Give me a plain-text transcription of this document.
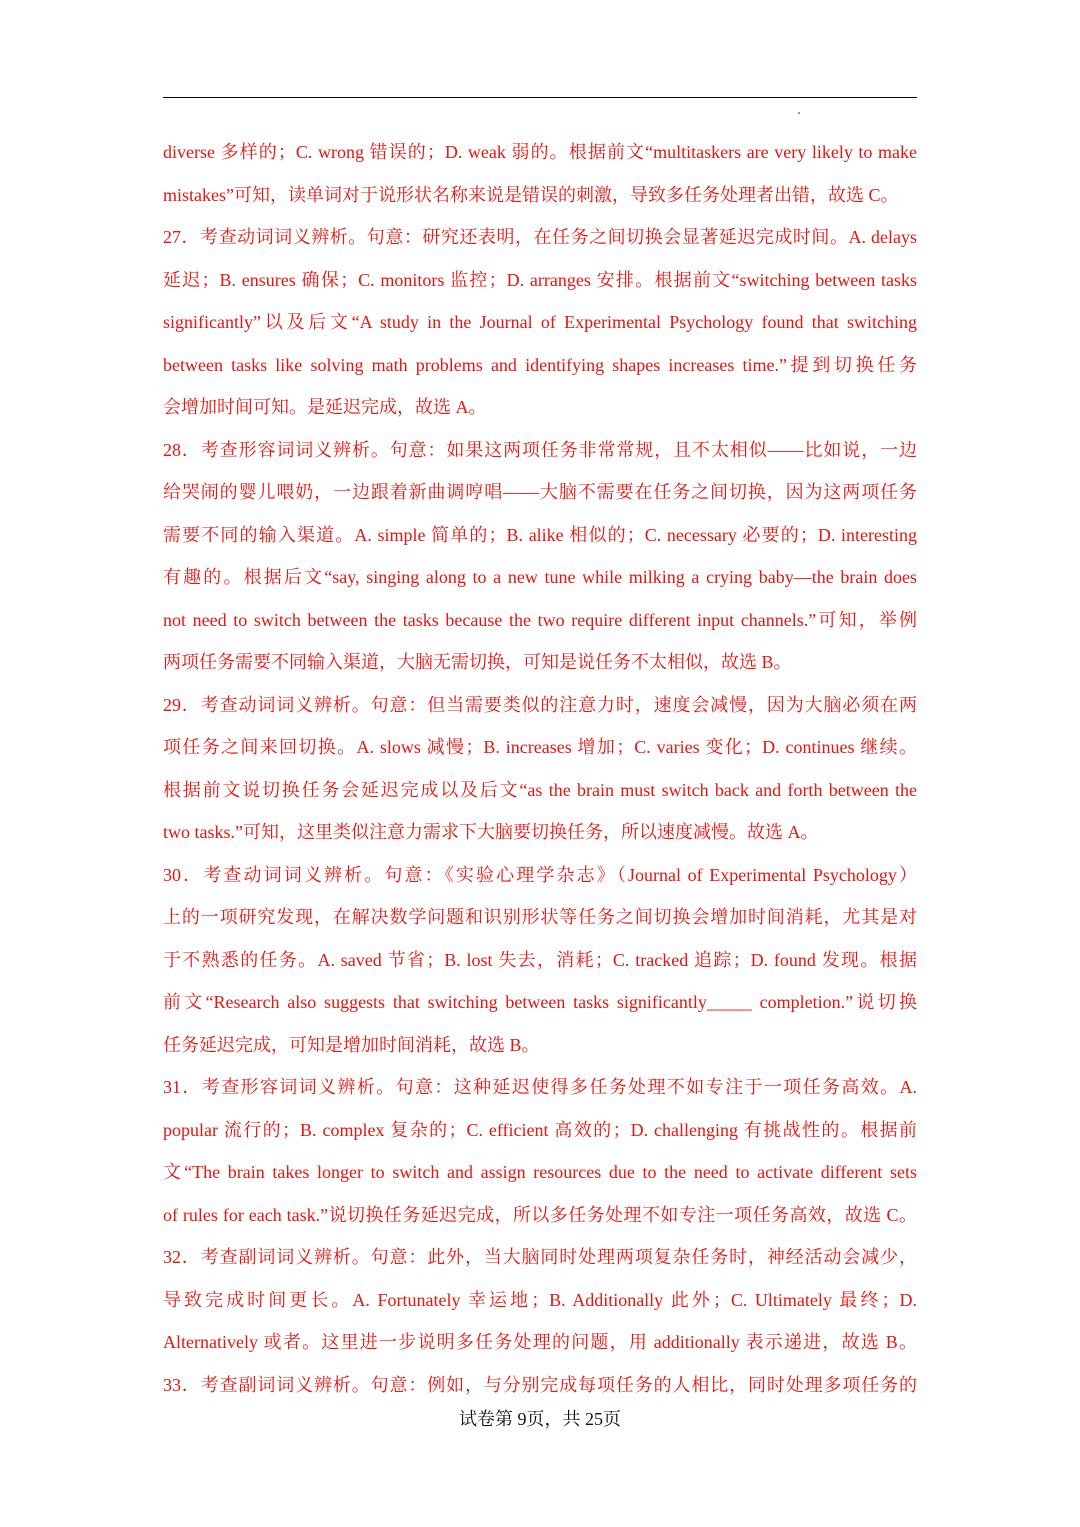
diverse 多样的；C. wrong 错误的；D. weak 弱的。根据前文“multitaskers are very likely to make
mistakes”可知，读单词对于说形状名称来说是错误的刺激，导致多任务处理者出错，故选 C。
27．考查动词词义辨析。句意：研究还表明，在任务之间切换会显著延迟完成时间。A. delays
延迟；B. ensures 确保；C. monitors 监控；D. arranges 安排。根据前文“switching between tasks
significantly”以及后文“A study in the Journal of Experimental Psychology found that switching
between tasks like solving math problems and identifying shapes increases time.”提到切换任务
会增加时间可知。是延迟完成，故选 A。
28．考查形容词词义辨析。句意：如果这两项任务非常常规，且不太相似——比如说，一边
给哭闹的婴儿喂奶，一边跟着新曲调哼唱——大脑不需要在任务之间切换，因为这两项任务
需要不同的输入渠道。A. simple 简单的；B. alike 相似的；C. necessary 必要的；D. interesting
有趣的。根据后文“say, singing along to a new tune while milking a crying baby—the brain does
not need to switch between the tasks because the two require different input channels.”可知，举例
两项任务需要不同输入渠道，大脑无需切换，可知是说任务不太相似，故选 B。
29．考查动词词义辨析。句意：但当需要类似的注意力时，速度会减慢，因为大脑必须在两
项任务之间来回切换。A. slows 减慢；B. increases 增加；C. varies 变化；D. continues 继续。
根据前文说切换任务会延迟完成以及后文“as the brain must switch back and forth between the
two tasks.”可知，这里类似注意力需求下大脑要切换任务，所以速度减慢。故选 A。
30．考查动词词义辨析。句意：《实验心理学杂志》（Journal of Experimental Psychology）
上的一项研究发现，在解决数学问题和识别形状等任务之间切换会增加时间消耗，尤其是对
于不熟悉的任务。A. saved 节省；B. lost 失去，消耗；C. tracked 追踪；D. found 发现。根据
前文“Research also suggests that switching between tasks significantly_____ completion.”说切换
任务延迟完成，可知是增加时间消耗，故选 B。
31．考查形容词词义辨析。句意：这种延迟使得多任务处理不如专注于一项任务高效。A.
popular 流行的；B. complex 复杂的；C. efficient 高效的；D. challenging 有挑战性的。根据前
文“The brain takes longer to switch and assign resources due to the need to activate different sets
of rules for each task.”说切换任务延迟完成，所以多任务处理不如专注一项任务高效，故选 C。
32．考查副词词义辨析。句意：此外，当大脑同时处理两项复杂任务时，神经活动会减少，
导致完成时间更长。A. Fortunately 幸运地；B. Additionally 此外；C. Ultimately 最终；D.
Alternatively 或者。这里进一步说明多任务处理的问题，用 additionally 表示递进，故选 B。
33．考查副词词义辨析。句意：例如，与分别完成每项任务的人相比，同时处理多项任务的
试卷第 9页，共 25页
